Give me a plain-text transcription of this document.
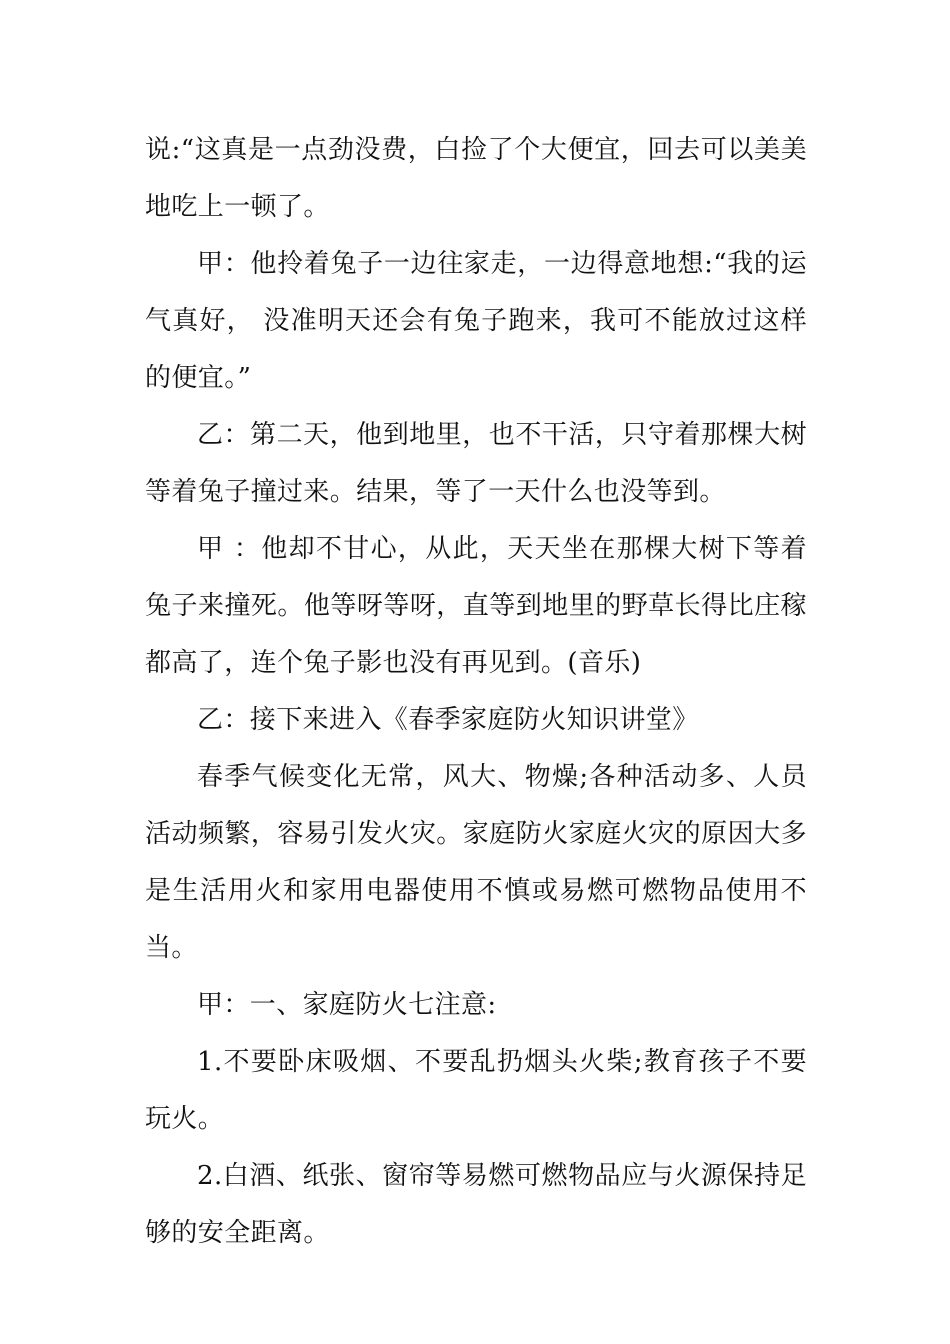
说:“这真是一点劲没费，白捡了个大便宜，回去可以美美地吃上一顿了。

甲：他拎着兔子一边往家走，一边得意地想:“我的运气真好， 没准明天还会有兔子跑来，我可不能放过这样的便宜。”

乙：第二天，他到地里，也不干活，只守着那棵大树等着兔子撞过来。结果，等了一天什么也没等到。

甲 ：他却不甘心，从此，天天坐在那棵大树下等着兔子来撞死。他等呀等呀，直等到地里的野草长得比庄稼都高了，连个兔子影也没有再见到。(音乐)

乙：接下来进入《春季家庭防火知识讲堂》

春季气候变化无常，风大、物燥;各种活动多、人员活动频繁，容易引发火灾。家庭防火家庭火灾的原因大多是生活用火和家用电器使用不慎或易燃可燃物品使用不当。

甲：一、家庭防火七注意:

1.不要卧床吸烟、不要乱扔烟头火柴;教育孩子不要玩火。

2.白酒、纸张、窗帘等易燃可燃物品应与火源保持足够的安全距离。
